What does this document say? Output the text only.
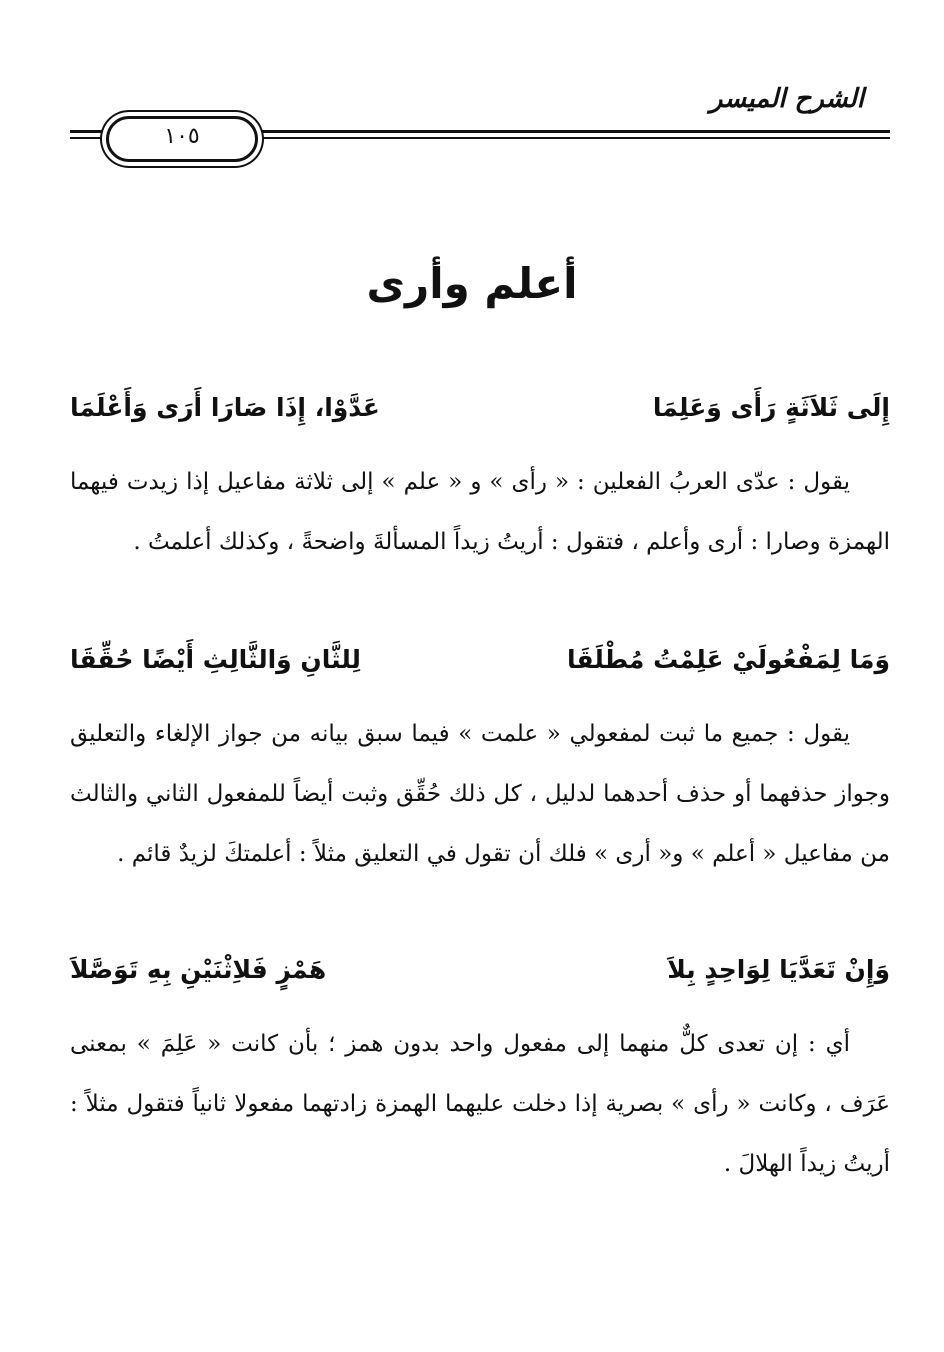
الشرح الميسر
١٠٥
أعلم وأرى
إِلَى ثَلاَثَةٍ رَأَى وَعَلِمَا
عَدَّوْا، إِذَا صَارَا أَرَى وَأَعْلَمَا
يقول : عدّى العربُ الفعلين : « رأى » و « علم » إلى ثلاثة مفاعيل إذا زيدت فيهما الهمزة وصارا : أرى وأعلم ، فتقول : أريتُ زيداً المسألةَ واضحةً ، وكذلك أعلمتُ .
وَمَا لِمَفْعُولَيْ عَلِمْتُ مُطْلَقَا
لِلثَّانِ وَالثَّالِثِ أَيْضًا حُقِّقَا
يقول : جميع ما ثبت لمفعولي « علمت » فيما سبق بيانه من جواز الإلغاء والتعليق وجواز حذفهما أو حذف أحدهما لدليل ، كل ذلك حُقِّق وثبت أيضاً للمفعول الثاني والثالث من مفاعيل « أعلم » و« أرى » فلك أن تقول في التعليق مثلاً : أعلمتكَ لزيدٌ قائم .
وَإِنْ تَعَدَّيَا لِوَاحِدٍ بِلاَ
هَمْزٍ فَلاِثْنَيْنِ بِهِ تَوَصَّلاَ
أي : إن تعدى كلٌّ منهما إلى مفعول واحد بدون همز ؛ بأن كانت « عَلِمَ » بمعنى عَرَف ، وكانت « رأى » بصرية إذا دخلت عليهما الهمزة زادتهما مفعولا ثانياً فتقول مثلاً : أريتُ زيداً الهلالَ .
